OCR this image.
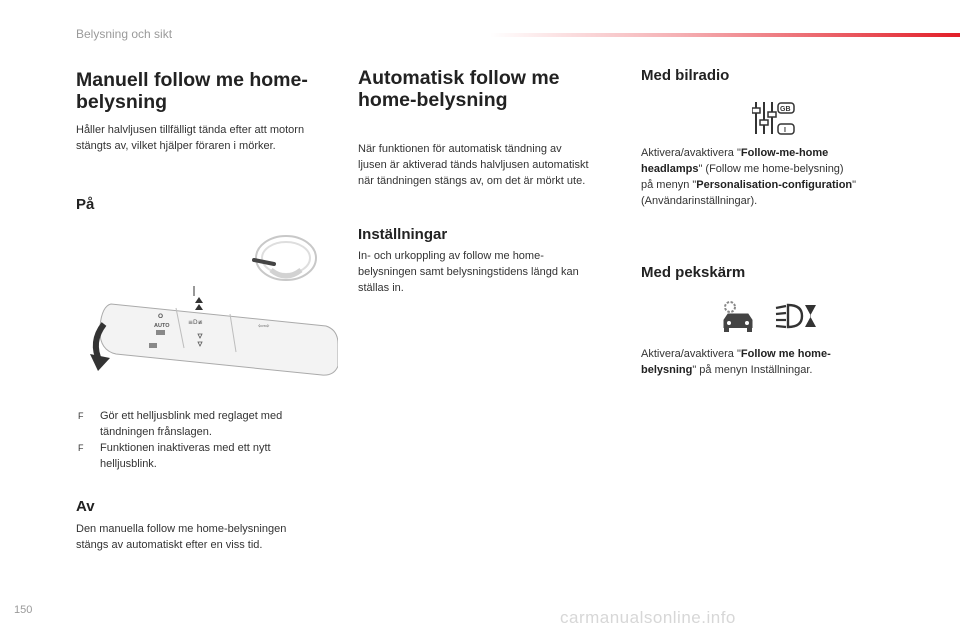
Belysning och sikt
Manuell follow me home-
belysning

Håller halvljusen tillfälligt tända efter att motorn
stängts av, vilket hjälper föraren i mörker.

På
O
AUTO	≡D≢	⇦⇨
F Gör ett helljusblink med reglaget med
tändningen frånslagen.
F Funktionen inaktiveras med ett nytt
helljusblink.
Av

Den manuella follow me home-belysningen
stängs av automatiskt efter en viss tid.

Automatisk follow me
home-belysning

När funktionen för automatisk tändning av
ljusen är aktiverad tänds halvljusen automatiskt
när tändningen stängs av, om det är mörkt ute.

Inställningar

In- och urkoppling av follow me home-
belysningen samt belysningstidens längd kan
ställas in.

Med bilradio
GB
I

Aktivera/avaktivera "Follow-me-home
headlamps" (Follow me home-belysning)
på menyn "Personalisation-configuration"
(Användarinställningar).

Med pekskärm

Aktivera/avaktivera "Follow me home-
belysning" på menyn Inställningar.

150	carmanualsonline.info
